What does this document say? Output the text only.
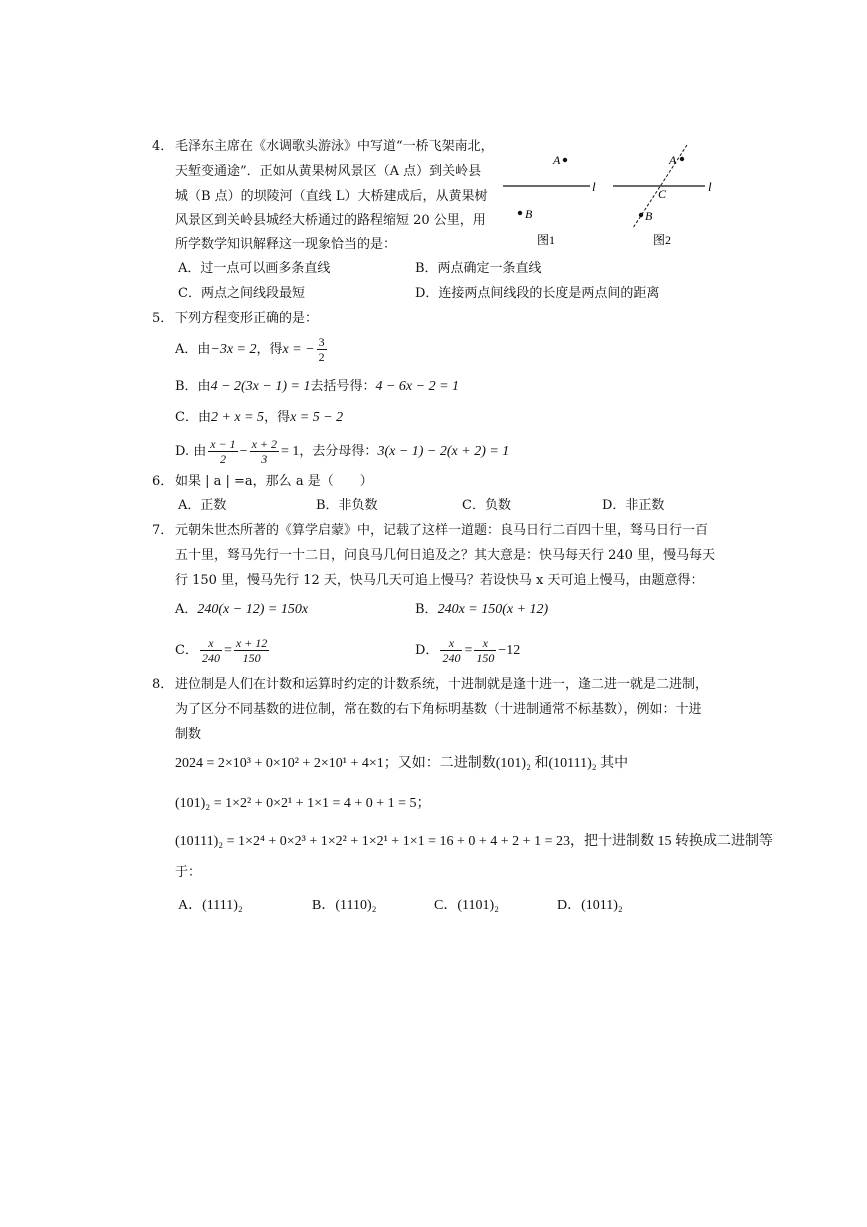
4． 毛泽东主席在《水调歌头游泳》中写道“一桥飞架南北，
天堑变通途”．正如从黄果树风景区（A 点）到关岭县
城（B 点）的坝陵河（直线 L）大桥建成后，从黄果树
风景区到关岭县城经大桥通过的路程缩短 20 公里，用
所学数学知识解释这一现象恰当的是：
l
A
B
图1
l
A
C
B
图2
A．过一点可以画多条直线	B．两点确定一条直线
C．两点之间线段最短	D．连接两点间线段的长度是两点间的距离
5． 下列方程变形正确的是：
A．由−3x = 2，得x = − $\frac{3}{2}$
B．由4 − 2(3x − 1) = 1去括号得：4 − 6x − 2 = 1
C．由2 + x = 5，得x = 5 − 2
D. 由 $\frac{x - 1}{2} - \frac{x + 2}{3} = 1$，去分母得：3(x − 1) − 2(x + 2) = 1
6． 如果 | a | =a，那么 a 是（　　）
A．正数	B．非负数	C．负数	D．非正数
7． 元朝朱世杰所著的《算学启蒙》中，记载了这样一道题：良马日行二百四十里，驽马日行一百
五十里，驽马先行一十二日，问良马几何日追及之？其大意是：快马每天行 240 里，慢马每天
行 150 里，慢马先行 12 天，快马几天可追上慢马？若设快马 x 天可追上慢马，由题意得：
A．240(x − 12) = 150x	B．240x = 150(x + 12)
C． $\frac{x}{240} = \frac{x + 12}{150}$	D． $\frac{x}{240} = \frac{x}{150} -12$
8． 进位制是人们在计数和运算时约定的计数系统，十进制就是逢十进一，逢二进一就是二进制，
为了区分不同基数的进位制，常在数的右下角标明基数（十进制通常不标基数），例如：十进
制数
2024 = 2×10³ + 0×10² + 2×10¹ + 4×1；又如：二进制数(101)₂ 和(10111)₂ 其中
(101)₂ = 1×2² + 0×2¹ + 1×1 = 4 + 0 + 1 = 5；
(10111)₂ = 1×2⁴ + 0×2³ + 1×2² + 1×2¹ + 1×1 = 16 + 0 + 4 + 2 + 1 = 23，把十进制数 15 转换成二进制等
于：
A．(1111)₂	B．(1110)₂	C．(1101)₂	D．(1011)₂
